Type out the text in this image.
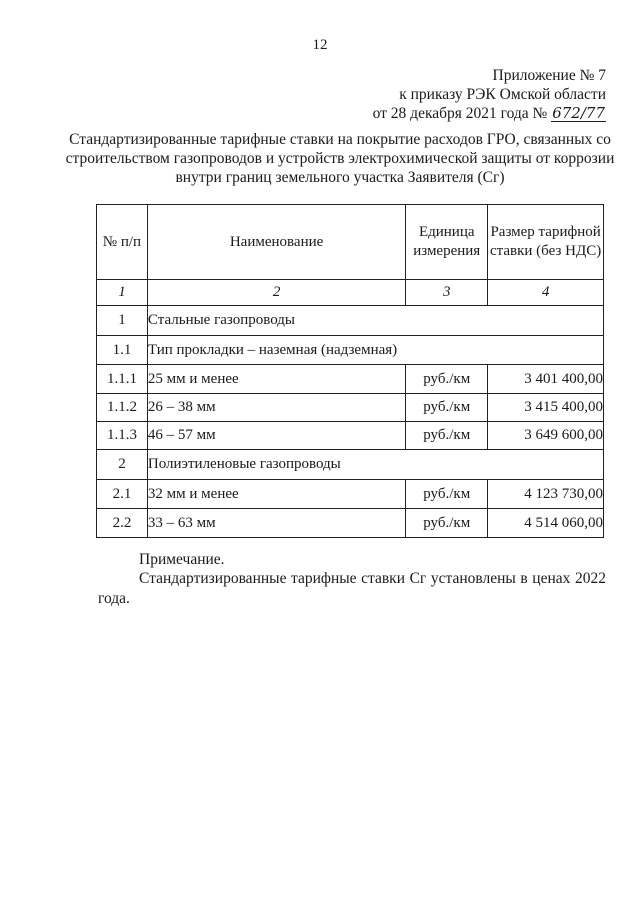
12
Приложение № 7
к приказу РЭК Омской области
от 28 декабря 2021 года № 672/77
Стандартизированные тарифные ставки на покрытие расходов ГРО, связанных со строительством газопроводов и устройств электрохимической защиты от коррозии внутри границ земельного участка Заявителя (Сг)
№ п/п	Наименование	Единица измерения	Размер тарифной ставки (без НДС)
1	2	3	4
1	Стальные газопроводы		
1.1	Тип прокладки – наземная (надземная)		
1.1.1	25 мм и менее	руб./км	3 401 400,00
1.1.2	26 – 38 мм	руб./км	3 415 400,00
1.1.3	46 – 57 мм	руб./км	3 649 600,00
2	Полиэтиленовые газопроводы		
2.1	32 мм и менее	руб./км	4 123 730,00
2.2	33 – 63 мм	руб./км	4 514 060,00
Примечание.
Стандартизированные тарифные ставки Сг установлены в ценах 2022 года.
